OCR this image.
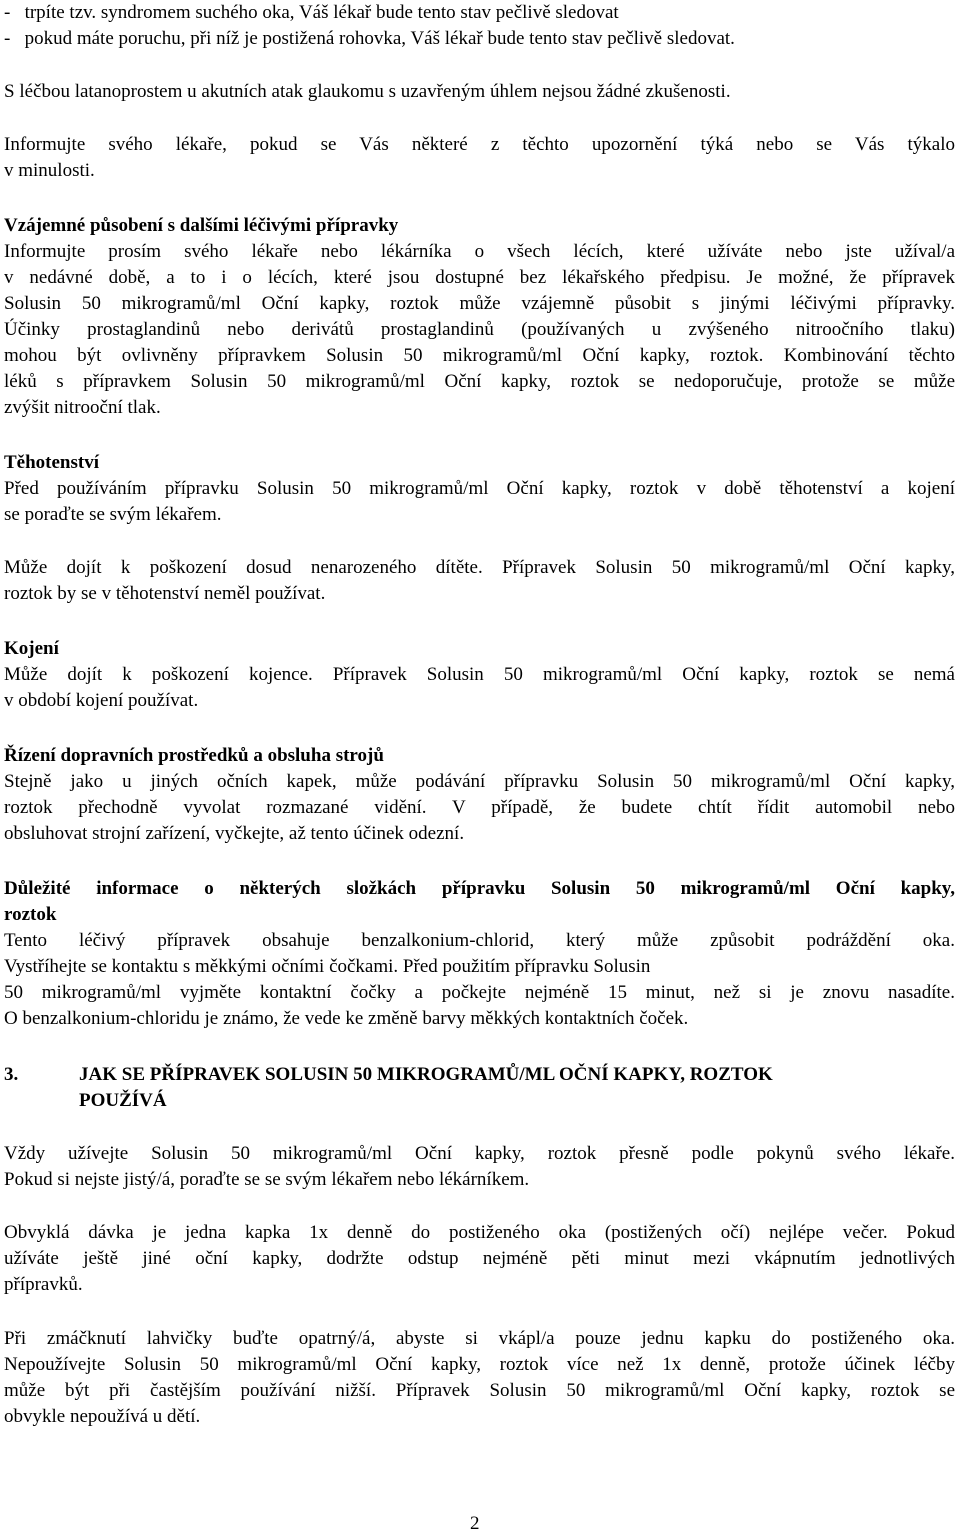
-   trpíte tzv. syndromem suchého oka, Váš lékař bude tento stav pečlivě sledovat
-   pokud máte poruchu, při níž je postižená rohovka, Váš lékař bude tento stav pečlivě sledovat.
S léčbou latanoprostem u akutních atak glaukomu s uzavřeným úhlem nejsou žádné zkušenosti.
Informujte svého lékaře, pokud se Vás některé z těchto upozornění týká nebo se Vás týkalo
v minulosti.
Vzájemné působení s dalšími léčivými přípravky
Informujte prosím svého lékaře nebo lékárníka o všech lécích, které užíváte nebo jste užíval/a
v nedávné době, a to i o lécích, které jsou dostupné bez lékařského předpisu. Je možné, že přípravek
Solusin 50 mikrogramů/ml Oční kapky, roztok může vzájemně působit s jinými léčivými přípravky.
Účinky prostaglandinů nebo derivátů prostaglandinů (používaných u zvýšeného nitroočního tlaku)
mohou být ovlivněny přípravkem Solusin 50 mikrogramů/ml Oční kapky, roztok. Kombinování těchto
léků s přípravkem Solusin 50 mikrogramů/ml Oční kapky, roztok se nedoporučuje, protože se může
zvýšit nitrooční tlak.
Těhotenství
Před používáním přípravku Solusin 50 mikrogramů/ml Oční kapky, roztok v době těhotenství a kojení
se poraďte se svým lékařem.
Může dojít k poškození dosud nenarozeného dítěte. Přípravek Solusin 50 mikrogramů/ml Oční kapky,
roztok by se v těhotenství neměl používat.
Kojení
Může dojít k poškození kojence. Přípravek Solusin 50 mikrogramů/ml Oční kapky, roztok se nemá
v období kojení používat.
Řízení dopravních prostředků a obsluha strojů
Stejně jako u jiných očních kapek, může podávání přípravku Solusin 50 mikrogramů/ml Oční kapky,
roztok přechodně vyvolat rozmazané vidění. V případě, že budete chtít řídit automobil nebo
obsluhovat strojní zařízení, vyčkejte, až tento účinek odezní.
Důležité informace o některých složkách přípravku Solusin 50 mikrogramů/ml Oční kapky,
roztok
Tento léčivý přípravek obsahuje benzalkonium-chlorid, který může způsobit podráždění oka.
Vystříhejte se kontaktu s měkkými očními čočkami. Před použitím přípravku Solusin
50 mikrogramů/ml vyjměte kontaktní čočky a počkejte nejméně 15 minut, než si je znovu nasadíte.
O benzalkonium-chloridu je známo, že vede ke změně barvy měkkých kontaktních čoček.
3.	JAK SE PŘÍPRAVEK SOLUSIN 50 MIKROGRAMŮ/ML OČNÍ KAPKY, ROZTOK
POUŽÍVÁ
Vždy užívejte Solusin 50 mikrogramů/ml Oční kapky, roztok přesně podle pokynů svého lékaře.
Pokud si nejste jistý/á, poraďte se se svým lékařem nebo lékárníkem.
Obvyklá dávka je jedna kapka 1x denně do postiženého oka (postižených očí) nejlépe večer. Pokud
užíváte ještě jiné oční kapky, dodržte odstup nejméně pěti minut mezi vkápnutím jednotlivých
přípravků.
Při zmáčknutí lahvičky buďte opatrný/á, abyste si vkápl/a pouze jednu kapku do postiženého oka.
Nepoužívejte Solusin 50 mikrogramů/ml Oční kapky, roztok více než 1x denně, protože účinek léčby
může být při častějším používání nižší. Přípravek Solusin 50 mikrogramů/ml Oční kapky, roztok se
obvykle nepoužívá u dětí.
2
